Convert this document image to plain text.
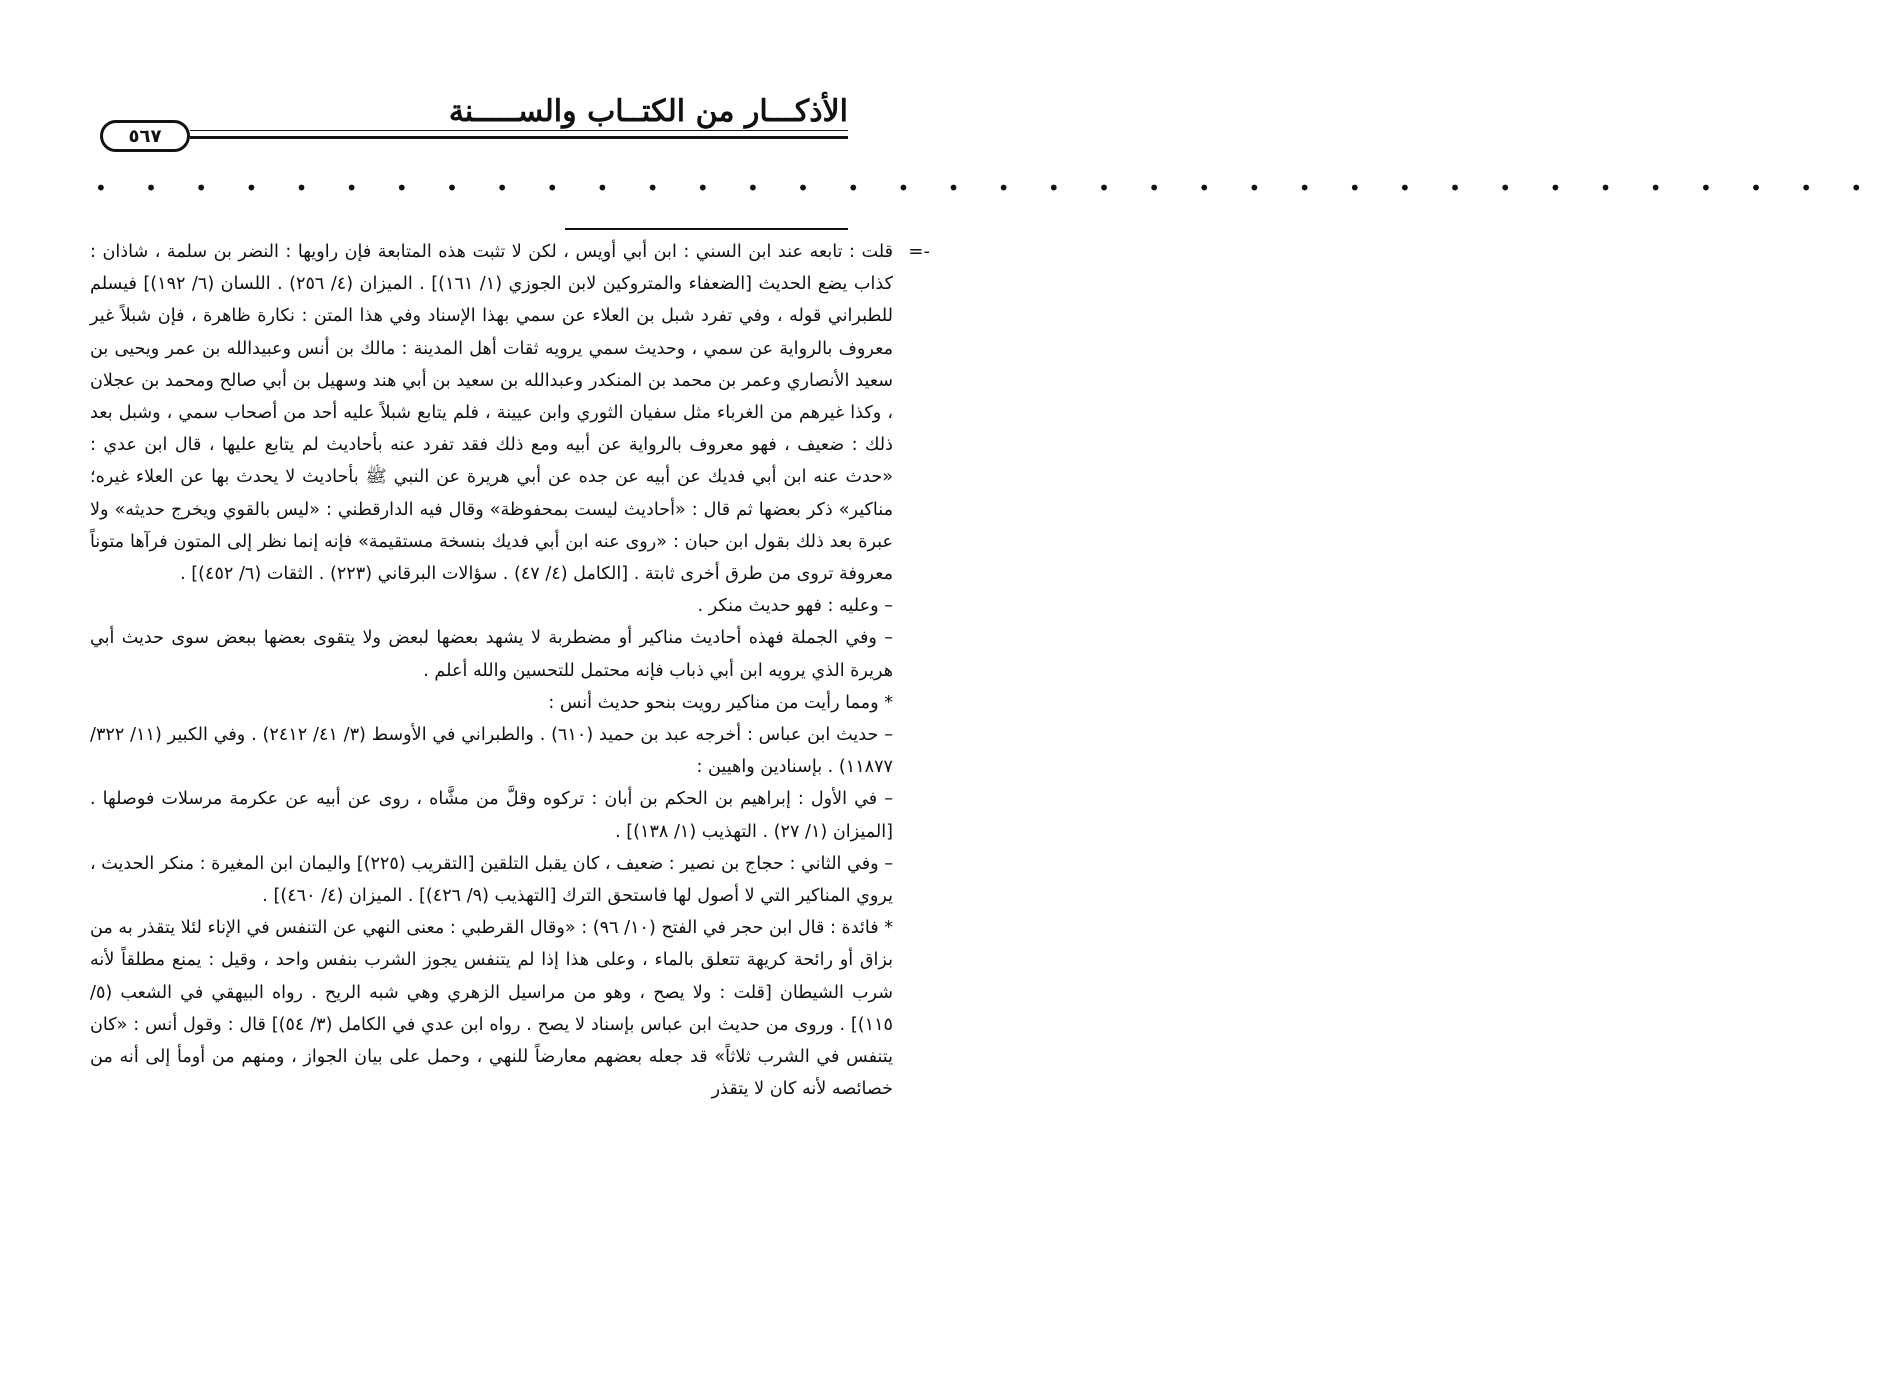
الأذكـــار من الكتــاب والســـــنة
٥٦٧
• • • • • • • • • • • • • • • • • • • • • • • • • • • • • • • • • • • •
=-

قلت : تابعه عند ابن السني : ابن أبي أويس ، لكن لا تثبت هذه المتابعة فإن راويها : النضر بن سلمة ، شاذان : كذاب يضع الحديث [الضعفاء والمتروكين لابن الجوزي (١/ ١٦١)] . الميزان (٤/ ٢٥٦) . اللسان (٦/ ١٩٢)] فيسلم للطبراني قوله ، وفي تفرد شبل بن العلاء عن سمي بهذا الإسناد وفي هذا المتن : نكارة ظاهرة ، فإن شبلاً غير معروف بالرواية عن سمي ، وحديث سمي يرويه ثقات أهل المدينة : مالك بن أنس وعبيدالله بن عمر ويحيى بن سعيد الأنصاري وعمر بن محمد بن المنكدر وعبدالله بن سعيد بن أبي هند وسهيل بن أبي صالح ومحمد بن عجلان ، وكذا غيرهم من الغرباء مثل سفيان الثوري وابن عيينة ، فلم يتابع شبلاً عليه أحد من أصحاب سمي ، وشبل بعد ذلك : ضعيف ، فهو معروف بالرواية عن أبيه ومع ذلك فقد تفرد عنه بأحاديث لم يتابع عليها ، قال ابن عدي : «حدث عنه ابن أبي فديك عن أبيه عن جده عن أبي هريرة عن النبي ﷺ بأحاديث لا يحدث بها عن العلاء غيره؛ مناكير» ذكر بعضها ثم قال : «أحاديث ليست بمحفوظة» وقال فيه الدارقطني : «ليس بالقوي ويخرج حديثه» ولا عبرة بعد ذلك بقول ابن حبان : «روى عنه ابن أبي فديك بنسخة مستقيمة» فإنه إنما نظر إلى المتون فرآها متوناً معروفة تروى من طرق أخرى ثابتة . [الكامل (٤/ ٤٧) . سؤالات البرقاني (٢٢٣) . الثقات (٦/ ٤٥٢)] .

– وعليه : فهو حديث منكر .

– وفي الجملة فهذه أحاديث مناكير أو مضطربة لا يشهد بعضها لبعض ولا يتقوى بعضها ببعض سوى حديث أبي هريرة الذي يرويه ابن أبي ذباب فإنه محتمل للتحسين والله أعلم .

* ومما رأيت من مناكير رويت بنحو حديث أنس :

– حديث ابن عباس : أخرجه عبد بن حميد (٦١٠) . والطبراني في الأوسط (٣/ ٤١/ ٢٤١٢) . وفي الكبير (١١/ ٣٢٢/ ١١٨٧٧) . بإسنادين واهيين :

– في الأول : إبراهيم بن الحكم بن أبان : تركوه وقلَّ من مشَّاه ، روى عن أبيه عن عكرمة مرسلات فوصلها . [الميزان (١/ ٢٧) . التهذيب (١/ ١٣٨)] .

– وفي الثاني : حجاج بن نصير : ضعيف ، كان يقبل التلقين [التقريب (٢٢٥)] واليمان ابن المغيرة : منكر الحديث ، يروي المناكير التي لا أصول لها فاستحق الترك [التهذيب (٩/ ٤٢٦)] . الميزان (٤/ ٤٦٠)] .

* فائدة : قال ابن حجر في الفتح (١٠/ ٩٦) : «وقال القرطبي : معنى النهي عن التنفس في الإناء لئلا يتقذر به من بزاق أو رائحة كريهة تتعلق بالماء ، وعلى هذا إذا لم يتنفس يجوز الشرب بنفس واحد ، وقيل : يمنع مطلقاً لأنه شرب الشيطان [قلت : ولا يصح ، وهو من مراسيل الزهري وهي شبه الريح . رواه البيهقي في الشعب (٥/ ١١٥)] . وروى من حديث ابن عباس بإسناد لا يصح . رواه ابن عدي في الكامل (٣/ ٥٤)] قال : وقول أنس : «كان يتنفس في الشرب ثلاثاً» قد جعله بعضهم معارضاً للنهي ، وحمل على بيان الجواز ، ومنهم من أومأ إلى أنه من خصائصه لأنه كان لا يتقذر
